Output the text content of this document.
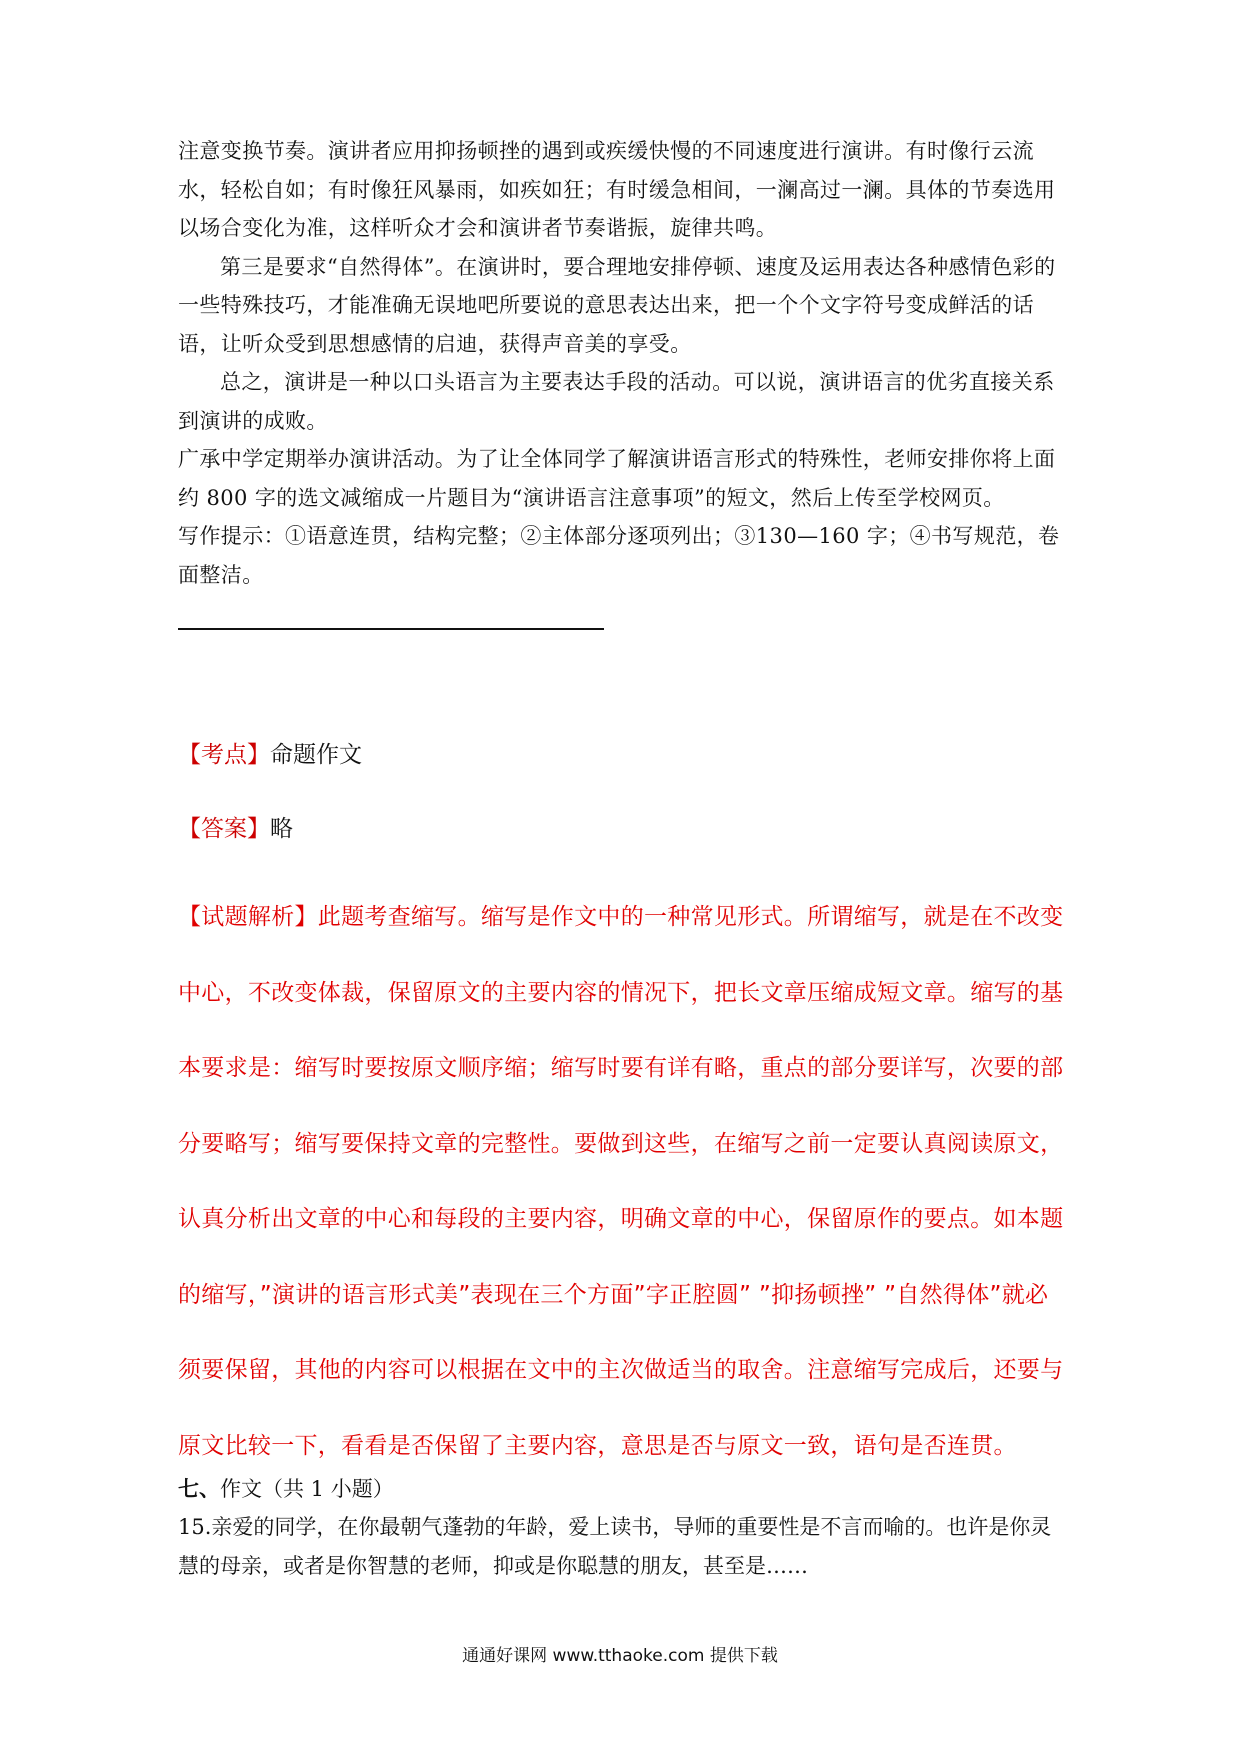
注意变换节奏。演讲者应用抑扬顿挫的遇到或疾缓快慢的不同速度进行演讲。有时像行云流水，轻松自如；有时像狂风暴雨，如疾如狂；有时缓急相间，一澜高过一澜。具体的节奏选用以场合变化为准，这样听众才会和演讲者节奏谐振，旋律共鸣。

第三是要求“自然得体”。在演讲时，要合理地安排停顿、速度及运用表达各种感情色彩的一些特殊技巧，才能准确无误地吧所要说的意思表达出来，把一个个文字符号变成鲜活的话语，让听众受到思想感情的启迪，获得声音美的享受。

总之，演讲是一种以口头语言为主要表达手段的活动。可以说，演讲语言的优劣直接关系到演讲的成败。

广承中学定期举办演讲活动。为了让全体同学了解演讲语言形式的特殊性，老师安排你将上面约 800 字的选文减缩成一片题目为“演讲语言注意事项”的短文，然后上传至学校网页。

写作提示：①语意连贯，结构完整；②主体部分逐项列出；③130—160 字；④书写规范，卷面整洁。

【考点】命题作文
【答案】略
【试题解析】此题考查缩写。缩写是作文中的一种常见形式。所谓缩写，就是在不改变中心，不改变体裁，保留原文的主要内容的情况下，把长文章压缩成短文章。缩写的基本要求是：缩写时要按原文顺序缩；缩写时要有详有略，重点的部分要详写，次要的部分要略写；缩写要保持文章的完整性。要做到这些，在缩写之前一定要认真阅读原文，认真分析出文章的中心和每段的主要内容，明确文章的中心，保留原作的要点。如本题的缩写，”演讲的语言形式美”表现在三个方面”字正腔圆” ”抑扬顿挫” ”自然得体”就必须要保留，其他的内容可以根据在文中的主次做适当的取舍。注意缩写完成后，还要与原文比较一下，看看是否保留了主要内容，意思是否与原文一致，语句是否连贯。
七、作文（共 1 小题）
15.亲爱的同学，在你最朝气蓬勃的年龄，爱上读书，导师的重要性是不言而喻的。也许是你灵慧的母亲，或者是你智慧的老师，抑或是你聪慧的朋友，甚至是……
通通好课网 www.tthaoke.com 提供下载
